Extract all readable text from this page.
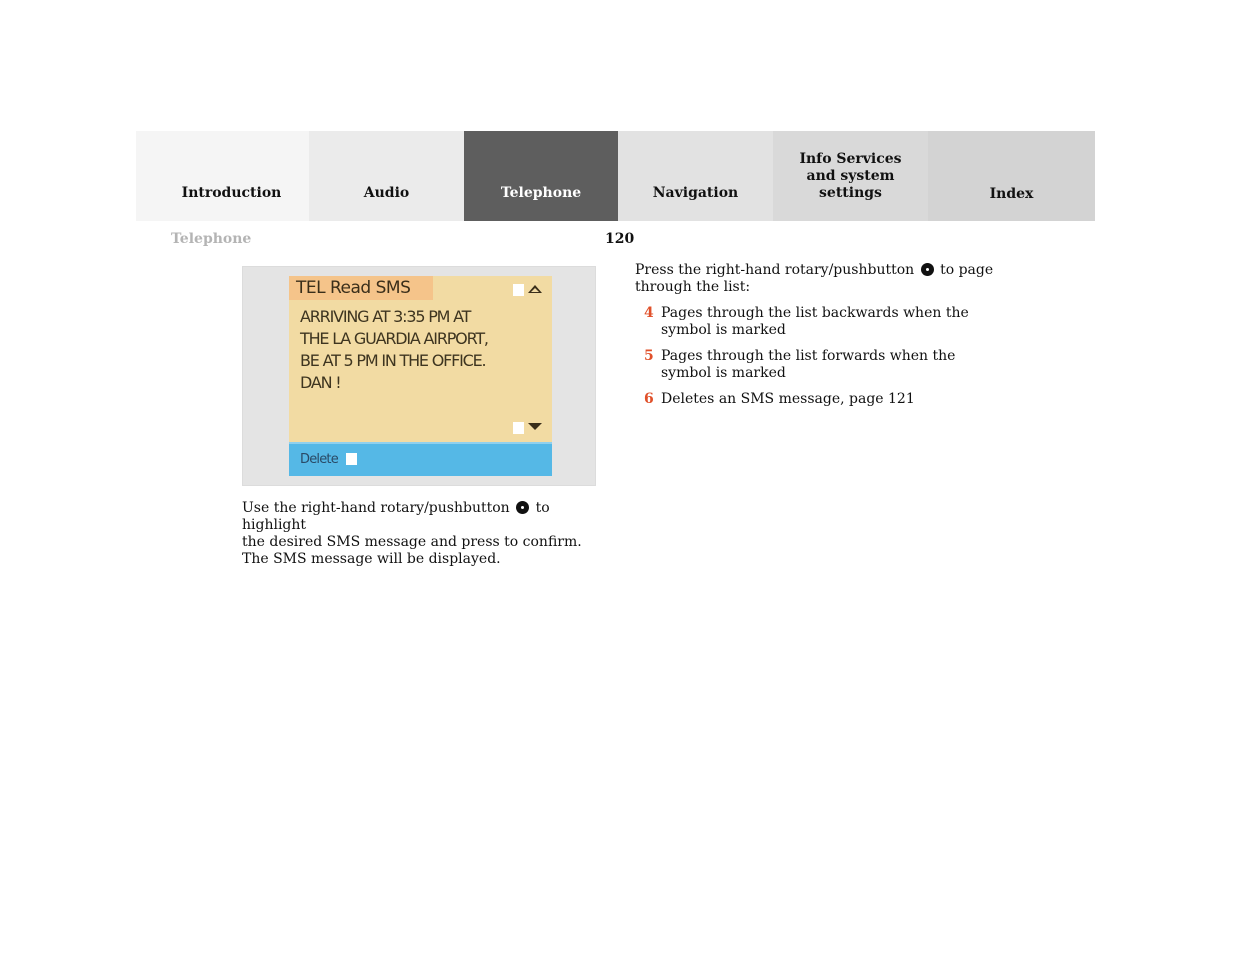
Introduction	Audio	Telephone	Navigation
Info Services and system settings	Index
Telephone	120
TEL Read SMS
ARRIVING AT 3:35 PM AT
THE LA GUARDIA AIRPORT,
BE AT 5 PM IN THE OFFICE.
DAN !
Delete

Use the right-hand rotary/pushbutton to highlight

the desired SMS message and press to confirm.

The SMS message will be displayed.

Press the right-hand rotary/pushbutton to page through the list:

4 Pages through the list backwards when the symbol is marked
5 Pages through the list forwards when the symbol is marked
6 Deletes an SMS message, page 121
